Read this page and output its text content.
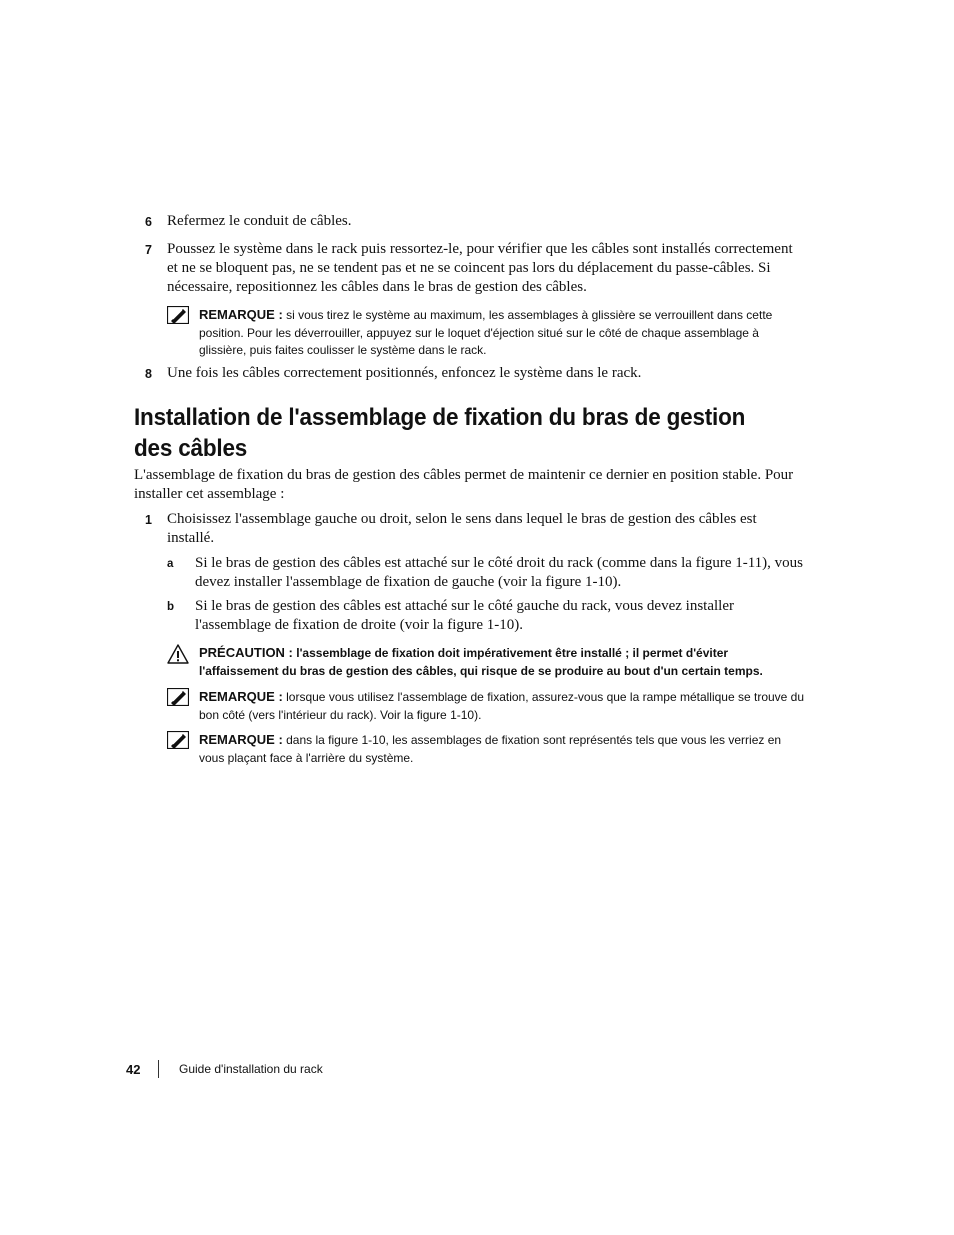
6 Refermez le conduit de câbles.
7 Poussez le système dans le rack puis ressortez-le, pour vérifier que les câbles sont installés correctement et ne se bloquent pas, ne se tendent pas et ne se coincent pas lors du déplacement du passe-câbles. Si nécessaire, repositionnez les câbles dans le bras de gestion des câbles.
REMARQUE : si vous tirez le système au maximum, les assemblages à glissière se verrouillent dans cette position. Pour les déverrouiller, appuyez sur le loquet d'éjection situé sur le côté de chaque assemblage à glissière, puis faites coulisser le système dans le rack.
8 Une fois les câbles correctement positionnés, enfoncez le système dans le rack.
Installation de l'assemblage de fixation du bras de gestion
des câbles
L'assemblage de fixation du bras de gestion des câbles permet de maintenir ce dernier en position stable. Pour installer cet assemblage :
1 Choisissez l'assemblage gauche ou droit, selon le sens dans lequel le bras de gestion des câbles est installé.
a Si le bras de gestion des câbles est attaché sur le côté droit du rack (comme dans la figure 1-11), vous devez installer l'assemblage de fixation de gauche (voir la figure 1-10).
b Si le bras de gestion des câbles est attaché sur le côté gauche du rack, vous devez installer l'assemblage de fixation de droite (voir la figure 1-10).
PRÉCAUTION : l'assemblage de fixation doit impérativement être installé ; il permet d'éviter l'affaissement du bras de gestion des câbles, qui risque de se produire au bout d'un certain temps.
REMARQUE : lorsque vous utilisez l'assemblage de fixation, assurez-vous que la rampe métallique se trouve du bon côté (vers l'intérieur du rack). Voir la figure 1-10).
REMARQUE : dans la figure 1-10, les assemblages de fixation sont représentés tels que vous les verriez en vous plaçant face à l'arrière du système.
42	Guide d'installation du rack
